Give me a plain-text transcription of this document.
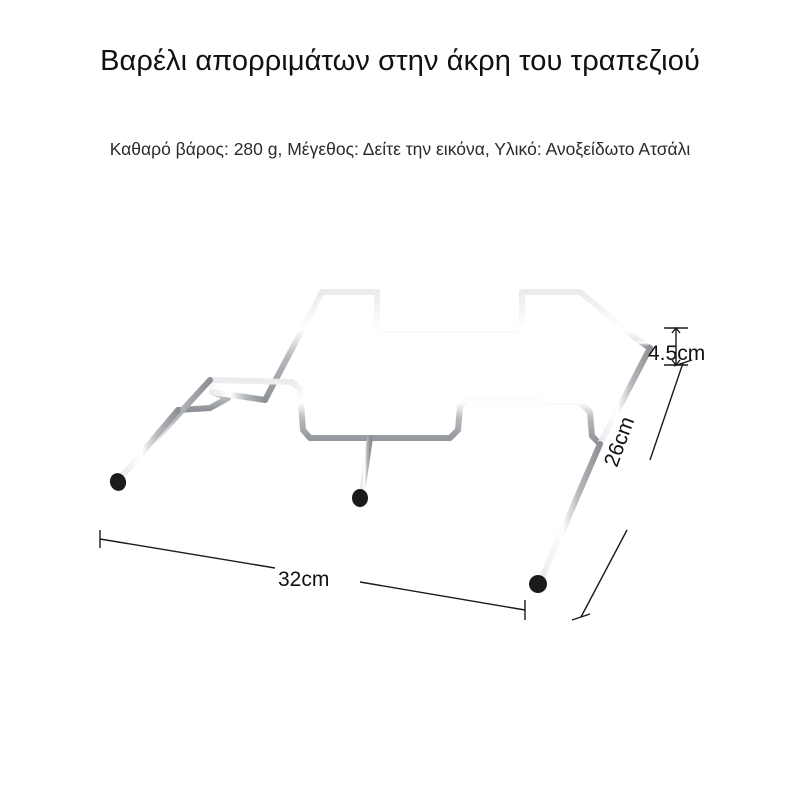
Βαρέλι απορριμάτων στην άκρη του τραπεζιού
Καθαρό βάρος: 280 g, Μέγεθος: Δείτε την εικόνα, Υλικό: Ανοξείδωτο Ατσάλι
32cm
26cm
4.5cm
